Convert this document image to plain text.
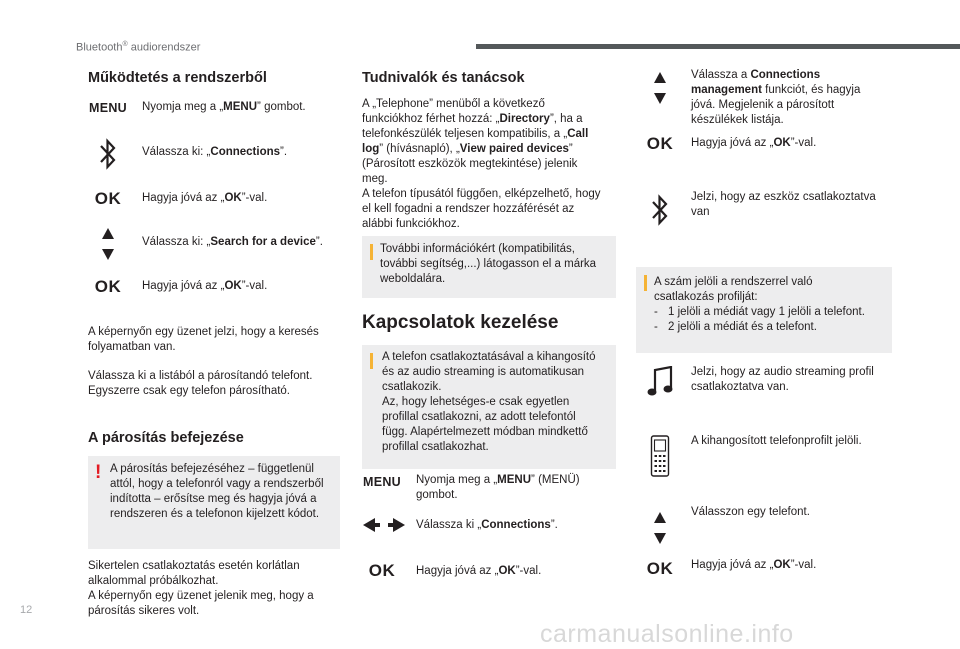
Bluetooth® audiorendszer
Működtetés a rendszerből
MENU Nyomja meg a „MENU” gombot.
Válassza ki: „Connections”.
OK Hagyja jóvá az „OK”-val.
Válassza ki: „Search for a device”.
OK Hagyja jóvá az „OK”-val.
A képernyőn egy üzenet jelzi, hogy a keresés
folyamatban van.
Válassza ki a listából a párosítandó telefont.
Egyszerre csak egy telefon párosítható.
A párosítás befejezése
! A párosítás befejezéséhez – függetlenül
attól, hogy a telefonról vagy a rendszerből
indította – erősítse meg és hagyja jóvá a
rendszeren és a telefonon kijelzett kódot.
Sikertelen csatlakoztatás esetén korlátlan
alkalommal próbálkozhat.
A képernyőn egy üzenet jelenik meg, hogy a
párosítás sikeres volt.
Tudnivalók és tanácsok
A „Telephone” menüből a következő
funkciókhoz férhet hozzá: „Directory”, ha a
telefonkészülék teljesen kompatibilis, a „Call
log” (hívásnapló), „View paired devices”
(Párosított eszközök megtekintése) jelenik
meg.
A telefon típusától függően, elképzelhető, hogy
el kell fogadni a rendszer hozzáférését az
alábbi funkciókhoz.
További információkért (kompatibilitás,
további segítség,...) látogasson el a márka
weboldalára.
Kapcsolatok kezelése
A telefon csatlakoztatásával a kihangosító
és az audio streaming is automatikusan
csatlakozik.
Az, hogy lehetséges-e csak egyetlen
profillal csatlakozni, az adott telefontól
függ. Alapértelmezett módban mindkettő
profillal csatlakozhat.
MENU Nyomja meg a „MENU” (MENÜ)
gombot.
Válassza ki „Connections”.
OK Hagyja jóvá az „OK”-val.
Válassza a Connections
management funkciót, és hagyja
jóvá. Megjelenik a párosított
készülékek listája.
OK Hagyja jóvá az „OK”-val.
Jelzi, hogy az eszköz csatlakoztatva
van
A szám jelöli a rendszerrel való
csatlakozás profilját:
- 1 jelöli a médiát vagy 1 jelöli a telefont.
- 2 jelöli a médiát és a telefont.
Jelzi, hogy az audio streaming profil
csatlakoztatva van.
A kihangosított telefonprofilt jelöli.
Válasszon egy telefont.
OK Hagyja jóvá az „OK”-val.
12
carmanualsonline.info
